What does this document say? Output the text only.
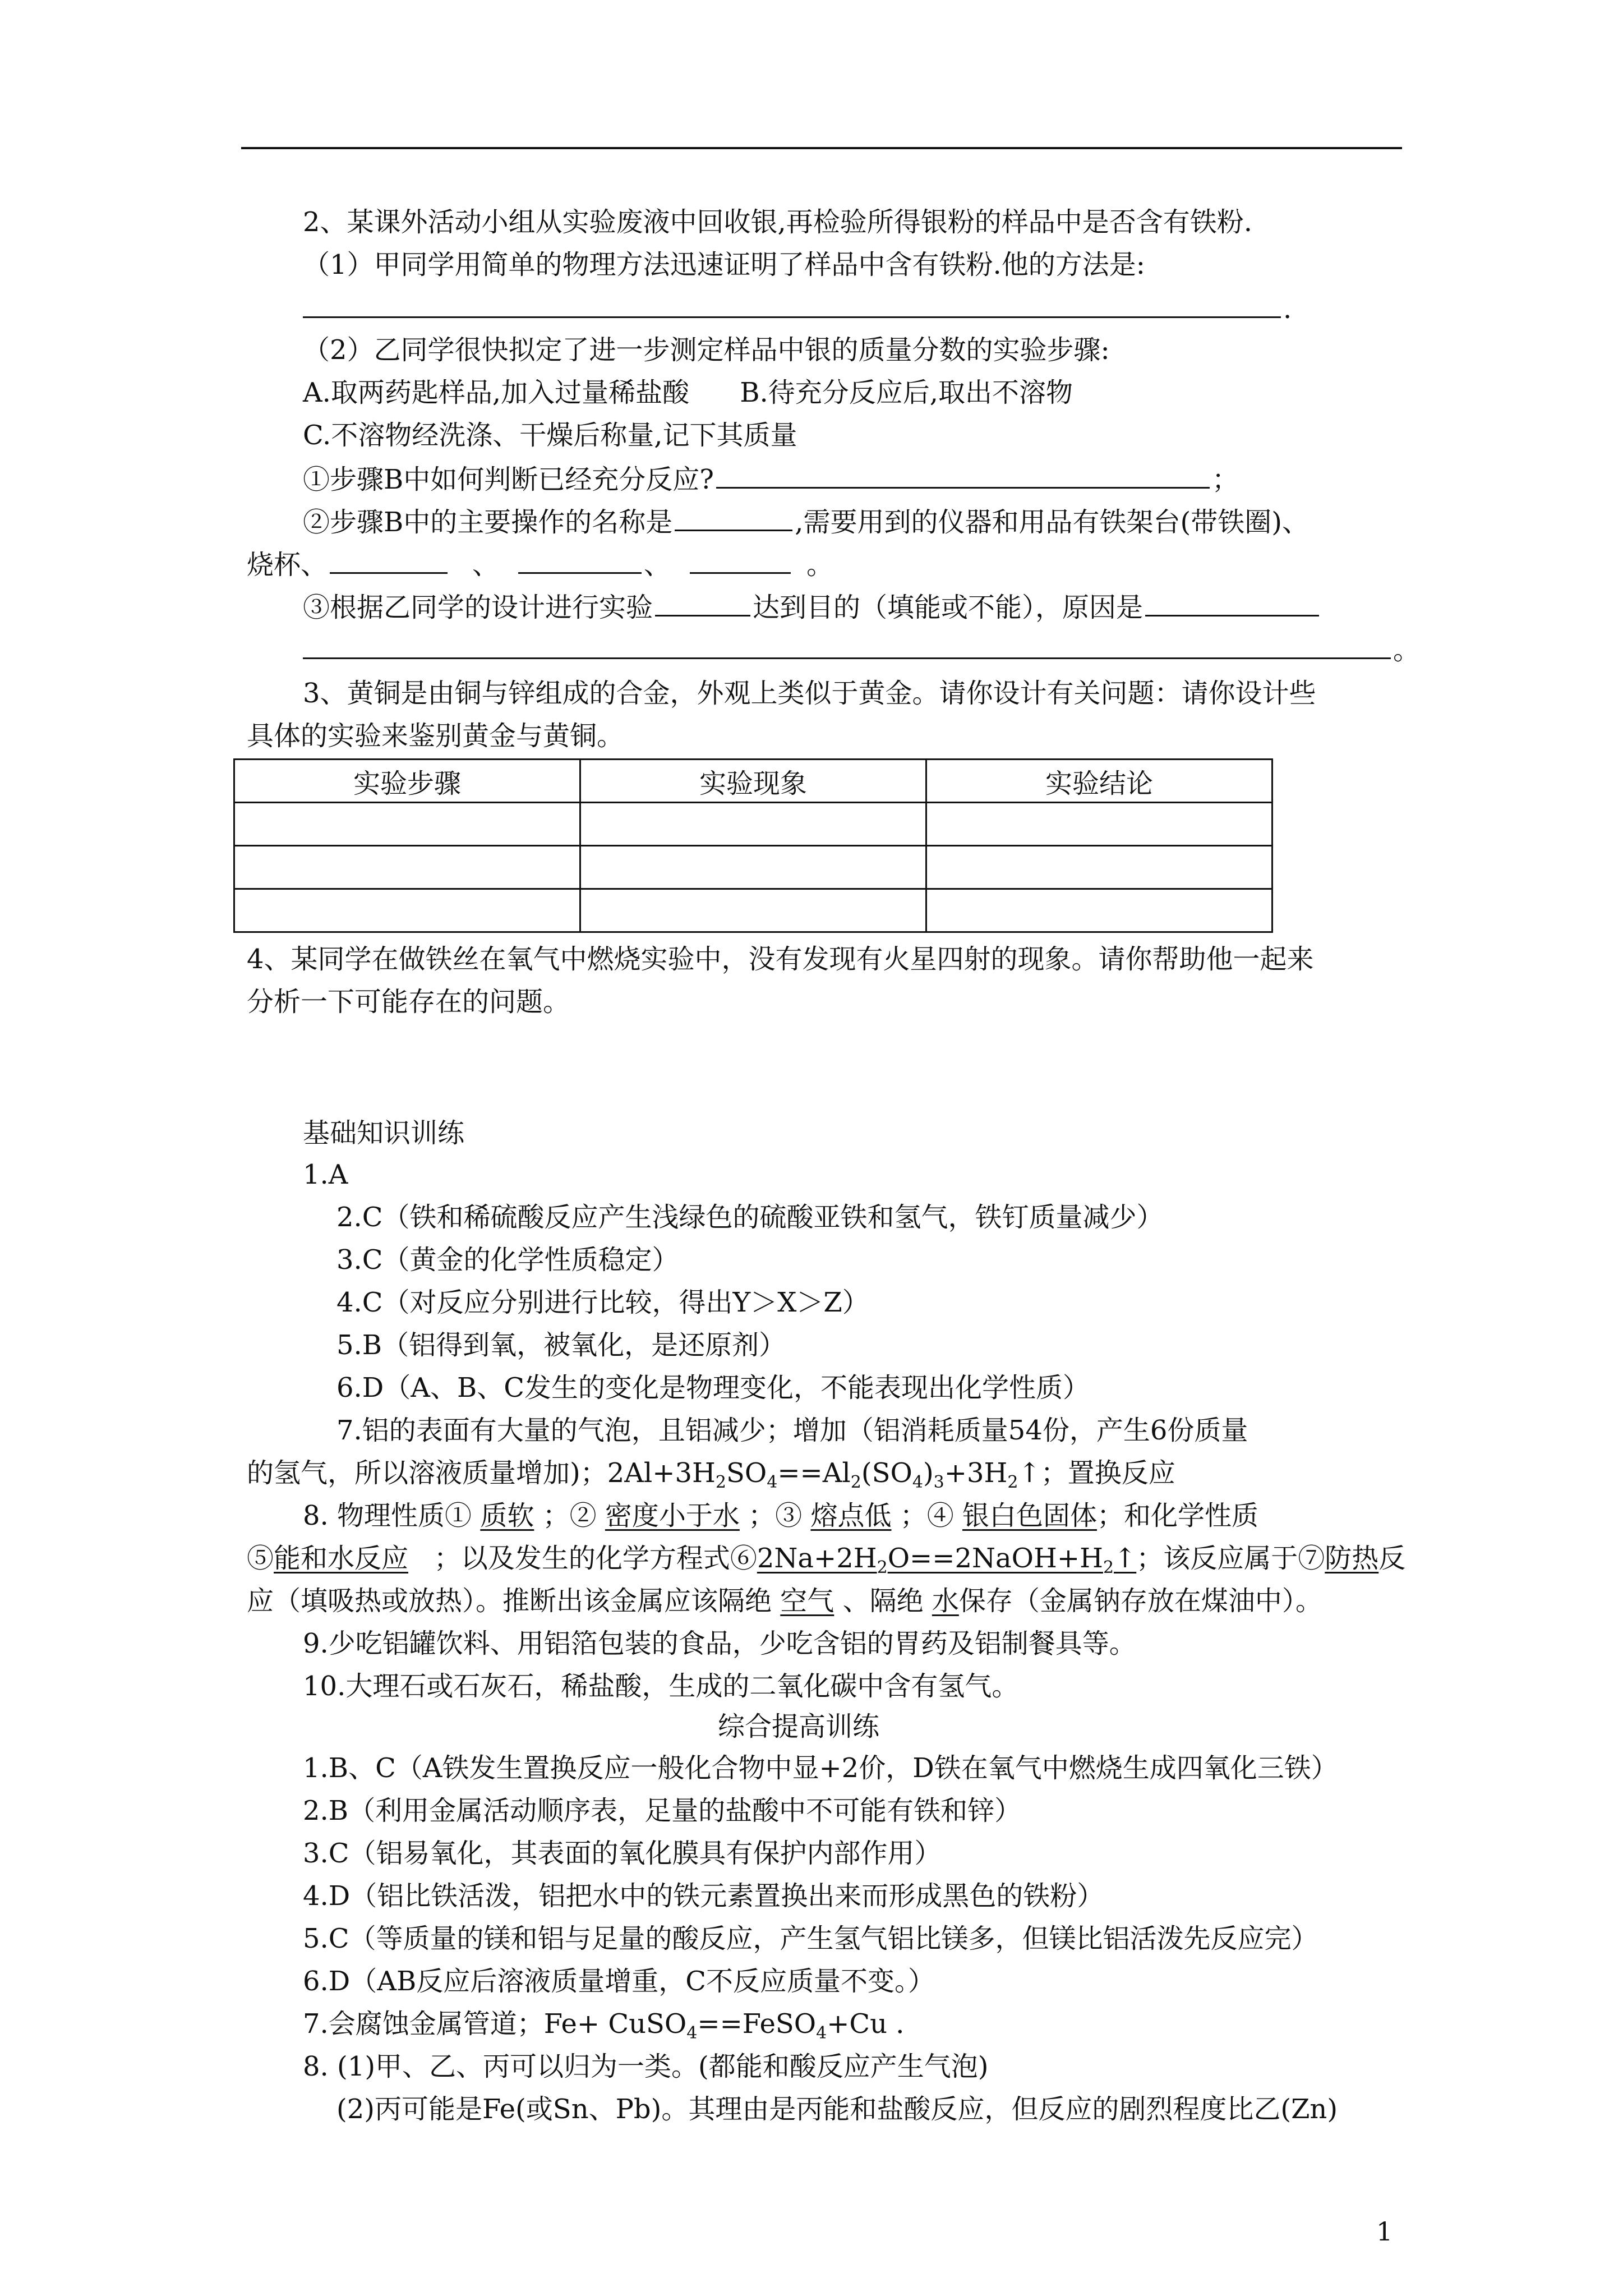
2、某课外活动小组从实验废液中回收银,再检验所得银粉的样品中是否含有铁粉.
（1）甲同学用简单的物理方法迅速证明了样品中含有铁粉.他的方法是:
.
（2）乙同学很快拟定了进一步测定样品中银的质量分数的实验步骤:
A.取两药匙样品,加入过量稀盐酸 B.待充分反应后,取出不溶物
C.不溶物经洗涤、干燥后称量,记下其质量
①步骤B中如何判断已经充分反应?	；
②步骤B中的主要操作的名称是	,需要用到的仪器和用品有铁架台(带铁圈)、
烧杯、	、	、	。
③根据乙同学的设计进行实验	达到目的（填能或不能），原因是
。
3、黄铜是由铜与锌组成的合金，外观上类似于黄金。请你设计有关问题：请你设计些
具体的实验来鉴别黄金与黄铜。
实验步骤	实验现象	实验结论

4、某同学在做铁丝在氧气中燃烧实验中，没有发现有火星四射的现象。请你帮助他一起来
分析一下可能存在的问题。
基础知识训练
1.A
2.C（铁和稀硫酸反应产生浅绿色的硫酸亚铁和氢气，铁钉质量减少）
3.C（黄金的化学性质稳定）
4.C（对反应分别进行比较，得出Y＞X＞Z）
5.B（铝得到氧，被氧化，是还原剂）
6.D（A、B、C发生的变化是物理变化，不能表现出化学性质）
7.铝的表面有大量的气泡，且铝减少；增加（铝消耗质量54份，产生6份质量
的氢气，所以溶液质量增加)；$2Al+3H_2SO_4==Al_2(SO_4)_3+3H_2↑$；置换反应
8. 物理性质① 质软 ；② 密度小于水 ；③ 熔点低 ；④ 银白色固体；和化学性质
⑤能和水反应 ；以及发生的化学方程式$⑥2Na+2H_2O==2NaOH+H_2↑$；该反应属于⑦防热反
应（填吸热或放热）。推断出该金属应该隔绝 空气 、隔绝 水保存（金属钠存放在煤油中）。
9.少吃铝罐饮料、用铝箔包装的食品，少吃含铝的胃药及铝制餐具等。
10.大理石或石灰石，稀盐酸，生成的二氧化碳中含有氢气。
综合提高训练
1.B、C（A铁发生置换反应一般化合物中显+2价，D铁在氧气中燃烧生成四氧化三铁）
2.B（利用金属活动顺序表，足量的盐酸中不可能有铁和锌）
3.C（铝易氧化，其表面的氧化膜具有保护内部作用）
4.D（铝比铁活泼，铝把水中的铁元素置换出来而形成黑色的铁粉）
5.C（等质量的镁和铝与足量的酸反应，产生氢气铝比镁多，但镁比铝活泼先反应完）
6.D（AB反应后溶液质量增重，C不反应质量不变。）
7.会腐蚀金属管道；Fe+ CuSO$_4$==FeSO$_4$+Cu ．
8. (1)甲、乙、丙可以归为一类。(都能和酸反应产生气泡)
(2)丙可能是Fe(或Sn、Pb)。其理由是丙能和盐酸反应，但反应的剧烈程度比乙(Zn)
1
